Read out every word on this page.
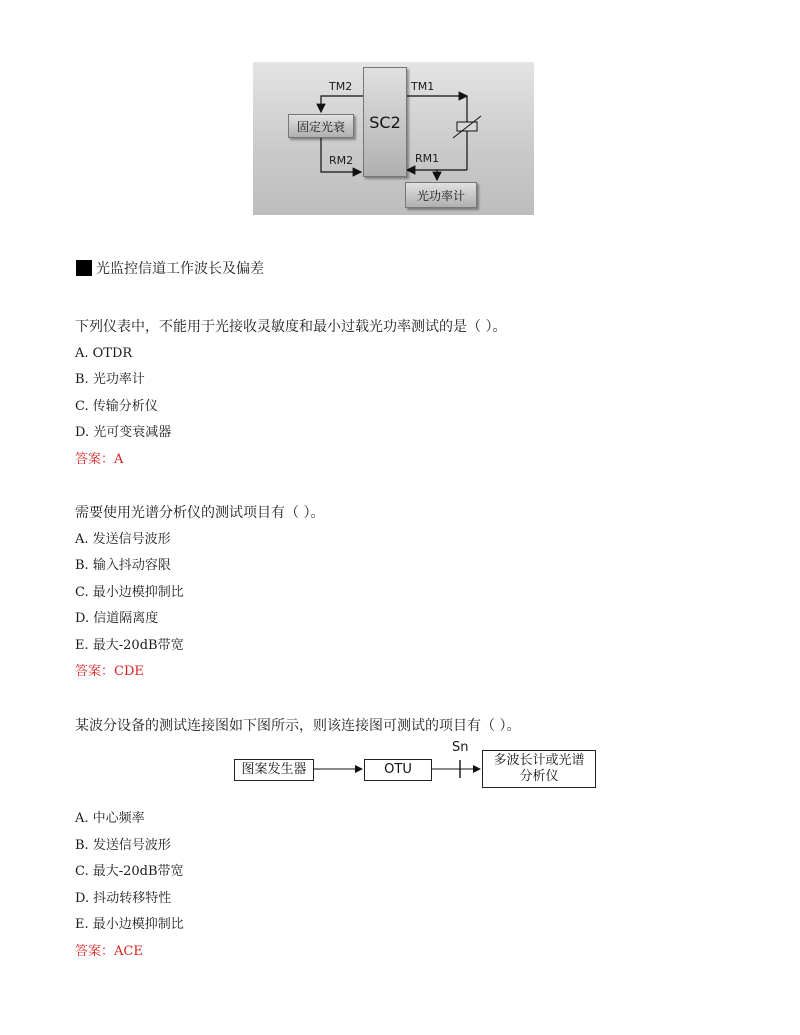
SC2
固定光衰
光功率计
TM2	TM1
RM2	RM1
光监控信道工作波长及偏差
下列仪表中，不能用于光接收灵敏度和最小过载光功率测试的是（ ）。
A. OTDR
B. 光功率计
C. 传输分析仪
D. 光可变衰减器
答案：A
需要使用光谱分析仪的测试项目有（ ）。
A. 发送信号波形
B. 输入抖动容限
C. 最小边模抑制比
D. 信道隔离度
E. 最大-20dB带宽
答案：CDE
某波分设备的测试连接图如下图所示，则该连接图可测试的项目有（ ）。
图案发生器	OTU
多波长计或光谱
分析仪
Sn
A. 中心频率
B. 发送信号波形
C. 最大-20dB带宽
D. 抖动转移特性
E. 最小边模抑制比
答案：ACE
